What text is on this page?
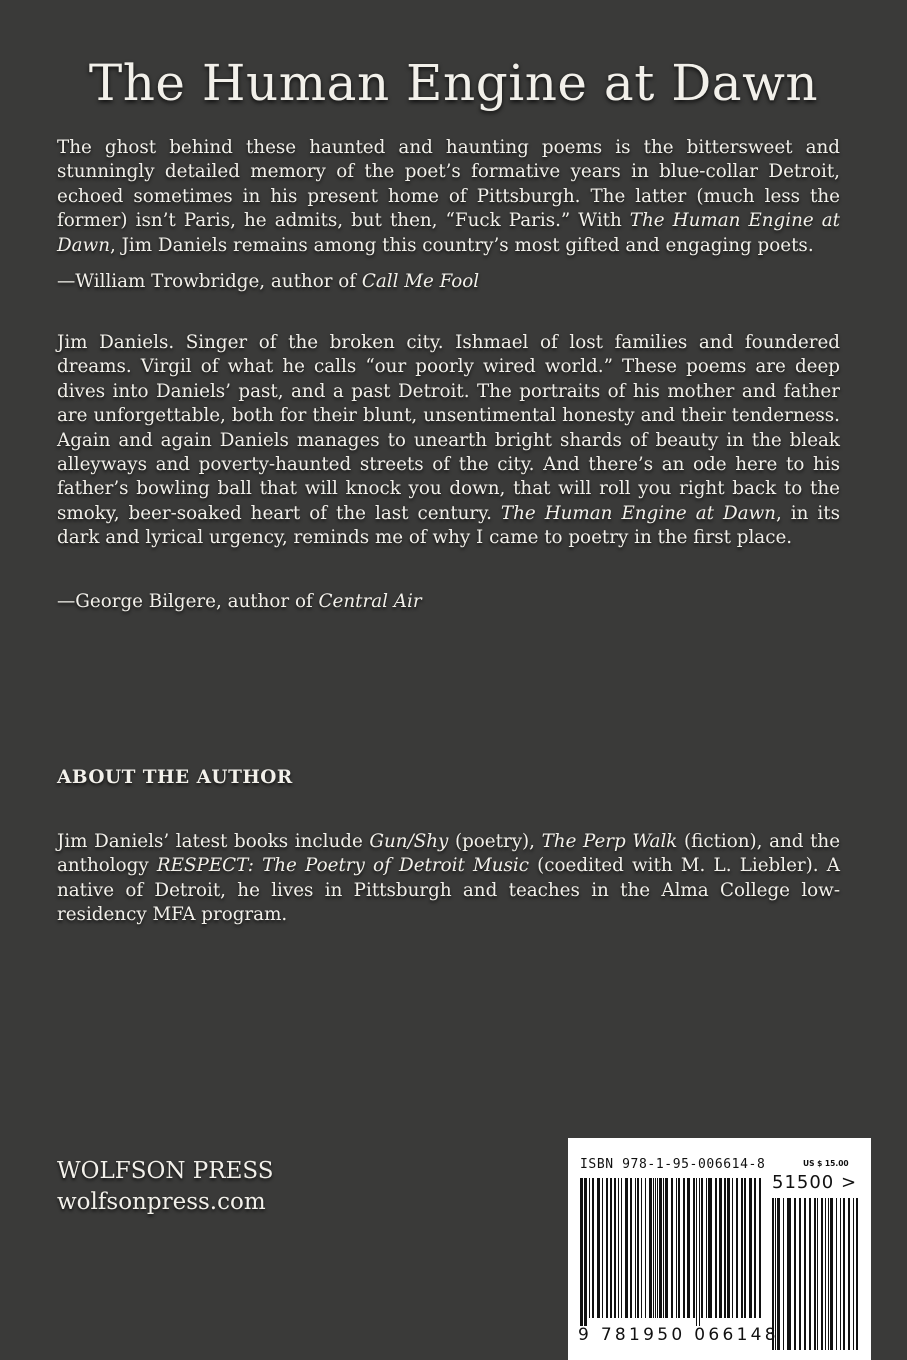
The Human Engine at Dawn

The ghost behind these haunted and haunting poems is the bittersweet and stunningly detailed memory of the poet’s formative years in blue-collar Detroit, echoed sometimes in his present home of Pittsburgh. The latter (much less the former) isn’t Paris, he admits, but then, “Fuck Paris.” With The Human Engine at Dawn, Jim Daniels remains among this country’s most gifted and engaging poets.

—William Trowbridge, author of Call Me Fool

Jim Daniels. Singer of the broken city. Ishmael of lost families and foundered dreams. Virgil of what he calls “our poorly wired world.” These poems are deep dives into Daniels’ past, and a past Detroit. The portraits of his mother and father are unforgettable, both for their blunt, unsentimental honesty and their tenderness. Again and again Daniels manages to unearth bright shards of beauty in the bleak alleyways and poverty-haunted streets of the city. And there’s an ode here to his father’s bowling ball that will knock you down, that will roll you right back to the smoky, beer-soaked heart of the last century. The Human Engine at Dawn, in its dark and lyrical urgency, reminds me of why I came to poetry in the first place.

—George Bilgere, author of Central Air

ABOUT THE AUTHOR

Jim Daniels’ latest books include Gun/Shy (poetry), The Perp Walk (fiction), and the anthology RESPECT: The Poetry of Detroit Music (coedited with M. L. Liebler). A native of Detroit, he lives in Pittsburgh and teaches in the Alma College low-residency MFA program.

WOLFSON PRESS
wolfsonpress.com
ISBN 978-1-95-006614-8	US $ 15.00
51500 >
9 781950 066148
